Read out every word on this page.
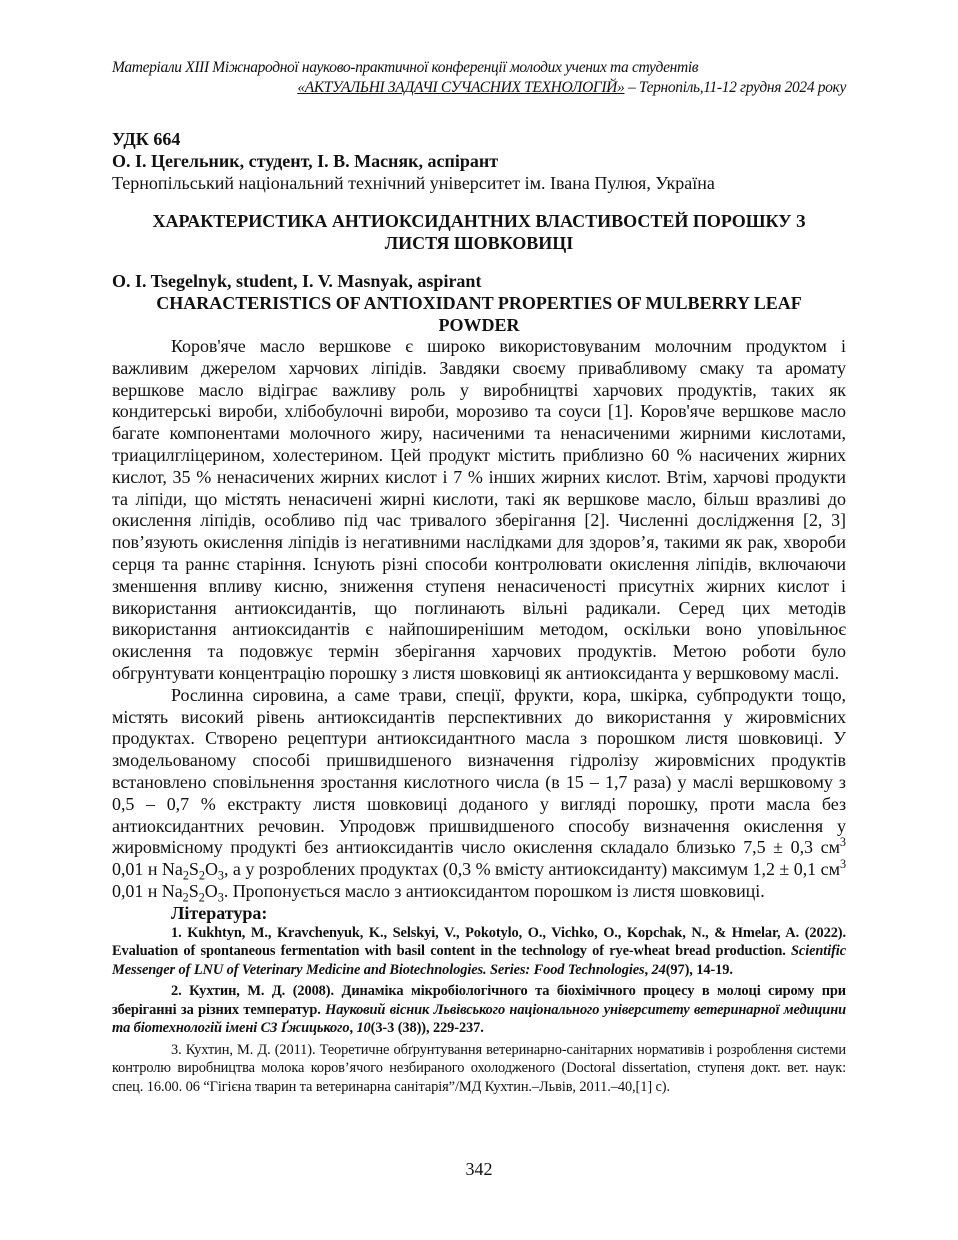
Матеріали XIII Міжнародної науково-практичної конференції молодих учених та студентів
«АКТУАЛЬНІ ЗАДАЧІ СУЧАСНИХ ТЕХНОЛОГІЙ» – Тернопіль,11-12 грудня 2024 року
УДК 664
О. І. Цегельник, студент, І. В. Масняк, аспірант
Тернопільський національний технічний університет ім. Івана Пулюя, Україна
ХАРАКТЕРИСТИКА АНТИОКСИДАНТНИХ ВЛАСТИВОСТЕЙ ПОРОШКУ З ЛИСТЯ ШОВКОВИЦІ
O. I. Tsegelnyk, student, I. V. Masnyak, aspirant
CHARACTERISTICS OF ANTIOXIDANT PROPERTIES OF MULBERRY LEAF POWDER

Коров'яче масло вершкове є широко використовуваним молочним продуктом і важливим джерелом харчових ліпідів. Завдяки своєму привабливому смаку та аромату вершкове масло відіграє важливу роль у виробництві харчових продуктів, таких як кондитерські вироби, хлібобулочні вироби, морозиво та соуси [1]. Коров'яче вершкове масло багате компонентами молочного жиру, насиченими та ненасиченими жирними кислотами, триацилгліцерином, холестерином. Цей продукт містить приблизно 60 % насичених жирних кислот, 35 % ненасичених жирних кислот і 7 % інших жирних кислот. Втім, харчові продукти та ліпіди, що містять ненасичені жирні кислоти, такі як вершкове масло, більш вразливі до окислення ліпідів, особливо під час тривалого зберігання [2]. Численні дослідження [2, 3] пов’язують окислення ліпідів із негативними наслідками для здоров’я, такими як рак, хвороби серця та раннє старіння. Існують різні способи контролювати окислення ліпідів, включаючи зменшення впливу кисню, зниження ступеня ненасиченості присутніх жирних кислот і використання антиоксидантів, що поглинають вільні радикали. Серед цих методів використання антиоксидантів є найпоширенішим методом, оскільки воно уповільнює окислення та подовжує термін зберігання харчових продуктів. Метою роботи було обгрунтувати концентрацію порошку з листя шовковиці як антиоксиданта у вершковому маслі.

Рослинна сировина, а саме трави, спеції, фрукти, кора, шкірка, субпродукти тощо, містять високий рівень антиоксидантів перспективних до використання у жировмісних продуктах. Створено рецептури антиоксидантного масла з порошком листя шовковиці. У змодельованому способі пришвидшеного визначення гідролізу жировмісних продуктів встановлено сповільнення зростання кислотного числа (в 15 – 1,7 раза) у маслі вершковому з 0,5 – 0,7 % екстракту листя шовковиці доданого у вигляді порошку, проти масла без антиоксидантних речовин. Упродовж пришвидшеного способу визначення окислення у жировмісному продукті без антиоксидантів число окислення складало близько 7,5 ± 0,3 $см^3$ 0,01 н $Na_2S_2O_3$, а у розроблених продуктах (0,3 % вмісту антиоксиданту) максимум 1,2 ± 0,1 $см^3$ 0,01 н $Na_2S_2O_3$. Пропонується масло з антиоксидантом порошком із листя шовковиці.

Література:

1. Kukhtyn, M., Kravchenyuk, K., Selskyi, V., Pokotylo, O., Vichko, O., Kopchak, N., & Hmelar, A. (2022). Evaluation of spontaneous fermentation with basil content in the technology of rye-wheat bread production. Scientific Messenger of LNU of Veterinary Medicine and Biotechnologies. Series: Food Technologies, 24(97), 14-19.

2. Кухтин, М. Д. (2008). Динаміка мікробіологічного та біохімічного процесу в молоці сирому при зберіганні за різних температур. Науковий вісник Львівського національного університету ветеринарної медицини та біотехнологій імені СЗ Ґжицького, 10(3-3 (38)), 229-237.

3. Кухтин, М. Д. (2011). Теоретичне обґрунтування ветеринарно-санітарних нормативів і розроблення системи контролю виробництва молока коров’ячого незбираного охолодженого (Doctoral dissertation, ступеня докт. вет. наук: спец. 16.00. 06 “Гігієна тварин та ветеринарна санітарія”/МД Кухтин.–Львів, 2011.–40,[1] с).

342
